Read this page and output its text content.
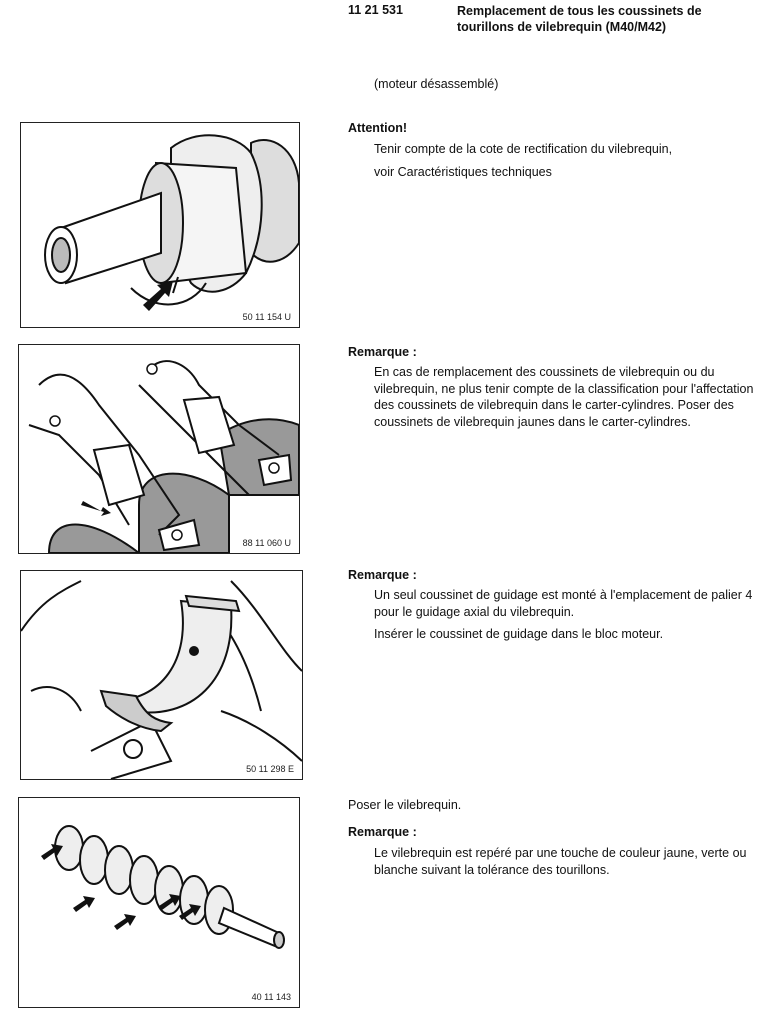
11 21 531	Remplacement de tous les coussinets de tourillons de vilebrequin (M40/M42)
(moteur désassemblé)
50 11 154 U
88 11 060 U
50 11 298 E
40 11 143
Attention!

Tenir compte de la cote de rectification du vilebrequin,

voir Caractéristiques techniques

Remarque :

En cas de remplacement des coussinets de vilebrequin ou du vilebrequin, ne plus tenir compte de la classification pour l'affectation des coussinets de vilebrequin dans le carter-cylindres. Poser des coussinets de vilebrequin jaunes dans le carter-cylindres.

Remarque :

Un seul coussinet de guidage est monté à l'emplacement de palier 4 pour le guidage axial du vilebrequin.

Insérer le coussinet de guidage dans le bloc moteur.

Poser le vilebrequin.
Remarque :

Le vilebrequin est repéré par une touche de couleur jaune, verte ou blanche suivant la tolérance des tourillons.
